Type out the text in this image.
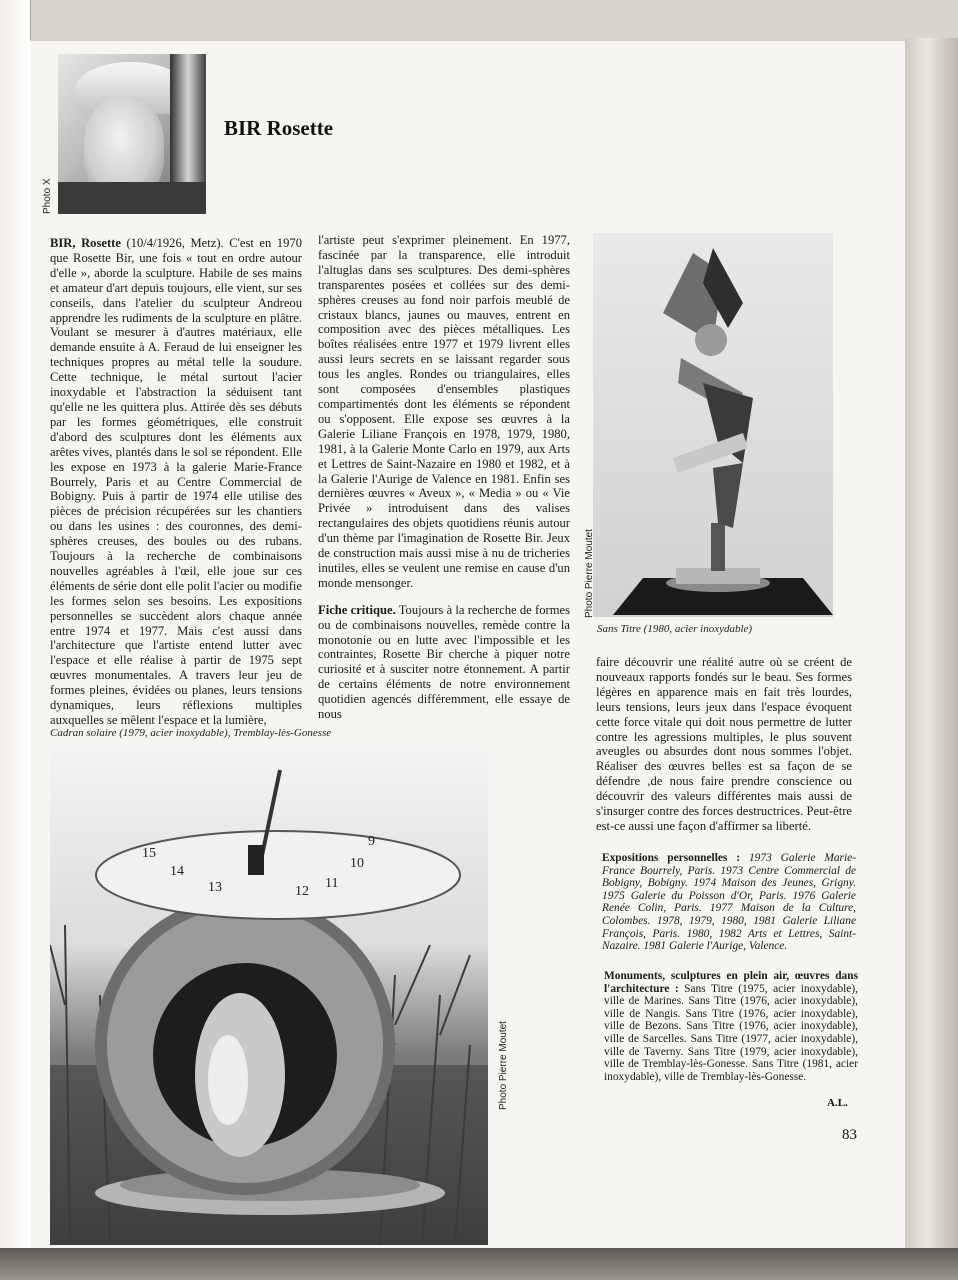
Photo X
BIR Rosette
BIR, Rosette (10/4/1926, Metz). C'est en 1970 que Rosette Bir, une fois « tout en ordre autour d'elle », aborde la sculpture. Habile de ses mains et amateur d'art depuis toujours, elle vient, sur ses conseils, dans l'atelier du sculpteur Andreou apprendre les rudiments de la sculpture en plâtre. Voulant se mesurer à d'autres matériaux, elle demande ensuite à A. Feraud de lui enseigner les techniques propres au métal telle la soudure. Cette technique, le métal surtout l'acier inoxydable et l'abstraction la séduisent tant qu'elle ne les quittera plus. Attirée dès ses débuts par les formes géométriques, elle construit d'abord des sculptures dont les éléments aux arêtes vives, plantés dans le sol se répondent. Elle les expose en 1973 à la galerie Marie-France Bourrely, Paris et au Centre Commercial de Bobigny. Puis à partir de 1974 elle utilise des pièces de précision récupérées sur les chantiers ou dans les usines : des couronnes, des demi-sphères creuses, des boules ou des rubans. Toujours à la recherche de combinaisons nouvelles agréables à l'œil, elle joue sur ces éléments de série dont elle polit l'acier ou modifie les formes selon ses besoins. Les expositions personnelles se succèdent alors chaque année entre 1974 et 1977. Mais c'est aussi dans l'architecture que l'artiste entend lutter avec l'espace et elle réalise à partir de 1975 sept œuvres monumentales. A travers leur jeu de formes pleines, évidées ou planes, leurs tensions dynamiques, leurs réflexions multiples auxquelles se mêlent l'espace et la lumière,
l'artiste peut s'exprimer pleinement. En 1977, fascinée par la transparence, elle introduit l'altuglas dans ses sculptures. Des demi-sphères transparentes posées et collées sur des demi-sphères creuses au fond noir parfois meublé de cristaux blancs, jaunes ou mauves, entrent en composition avec des pièces métalliques. Les boîtes réalisées entre 1977 et 1979 livrent elles aussi leurs secrets en se laissant regarder sous tous les angles. Rondes ou triangulaires, elles sont composées d'ensembles plastiques compartimentés dont les éléments se répondent ou s'opposent. Elle expose ses œuvres à la Galerie Liliane François en 1978, 1979, 1980, 1981, à la Galerie Monte Carlo en 1979, aux Arts et Lettres de Saint-Nazaire en 1980 et 1982, et à la Galerie l'Aurige de Valence en 1981. Enfin ses dernières œuvres « Aveux », « Media » ou « Vie Privée » introduisent dans des valises rectangulaires des objets quotidiens réunis autour d'un thème par l'imagination de Rosette Bir. Jeux de construction mais aussi mise à nu de tricheries inutiles, elles se veulent une remise en cause d'un monde mensonger.
Fiche critique. Toujours à la recherche de formes ou de combinaisons nouvelles, remède contre la monotonie ou en lutte avec l'impossible et les contraintes, Rosette Bir cherche à piquer notre curiosité et à susciter notre étonnement. A partir de certains éléments de notre environnement quotidien agencés différemment, elle essaye de nous
Photo Pierre Moutet
Sans Titre (1980, acier inoxydable)
faire découvrir une réalité autre où se créent de nouveaux rapports fondés sur le beau. Ses formes légères en apparence mais en fait très lourdes, leurs tensions, leurs jeux dans l'espace évoquent cette force vitale qui doit nous permettre de lutter contre les agressions multiples, le plus souvent aveugles ou absurdes dont nous sommes l'objet. Réaliser des œuvres belles est sa façon de se défendre ,de nous faire prendre conscience ou découvrir des valeurs différentes mais aussi de s'insurger contre des forces destructrices. Peut-être est-ce aussi une façon d'affirmer sa liberté.
Expositions personnelles : 1973 Galerie Marie-France Bourrely, Paris. 1973 Centre Commercial de Bobigny, Bobigny. 1974 Maison des Jeunes, Grigny. 1975 Galerie du Poisson d'Or, Paris. 1976 Galerie Renée Colin, Paris. 1977 Maison de la Culture, Colombes. 1978, 1979, 1980, 1981 Galerie Liliane François, Paris. 1980, 1982 Arts et Lettres, Saint-Nazaire. 1981 Galerie l'Aurige, Valence.
Monuments, sculptures en plein air, œuvres dans l'architecture : Sans Titre (1975, acier inoxydable), ville de Marines. Sans Titre (1976, acier inoxydable), ville de Nangis. Sans Titre (1976, acier inoxydable), ville de Bezons. Sans Titre (1976, acier inoxydable), ville de Sarcelles. Sans Titre (1977, acier inoxydable), ville de Taverny. Sans Titre (1979, acier inoxydable), ville de Tremblay-lès-Gonesse. Sans Titre (1981, acier inoxydable), ville de Tremblay-lès-Gonesse.
A.L.
83
Cadran solaire (1979, acier inoxydable), Tremblay-lès-Gonesse
15
14
13	12
11
10
9
Photo Pierre Moutet
